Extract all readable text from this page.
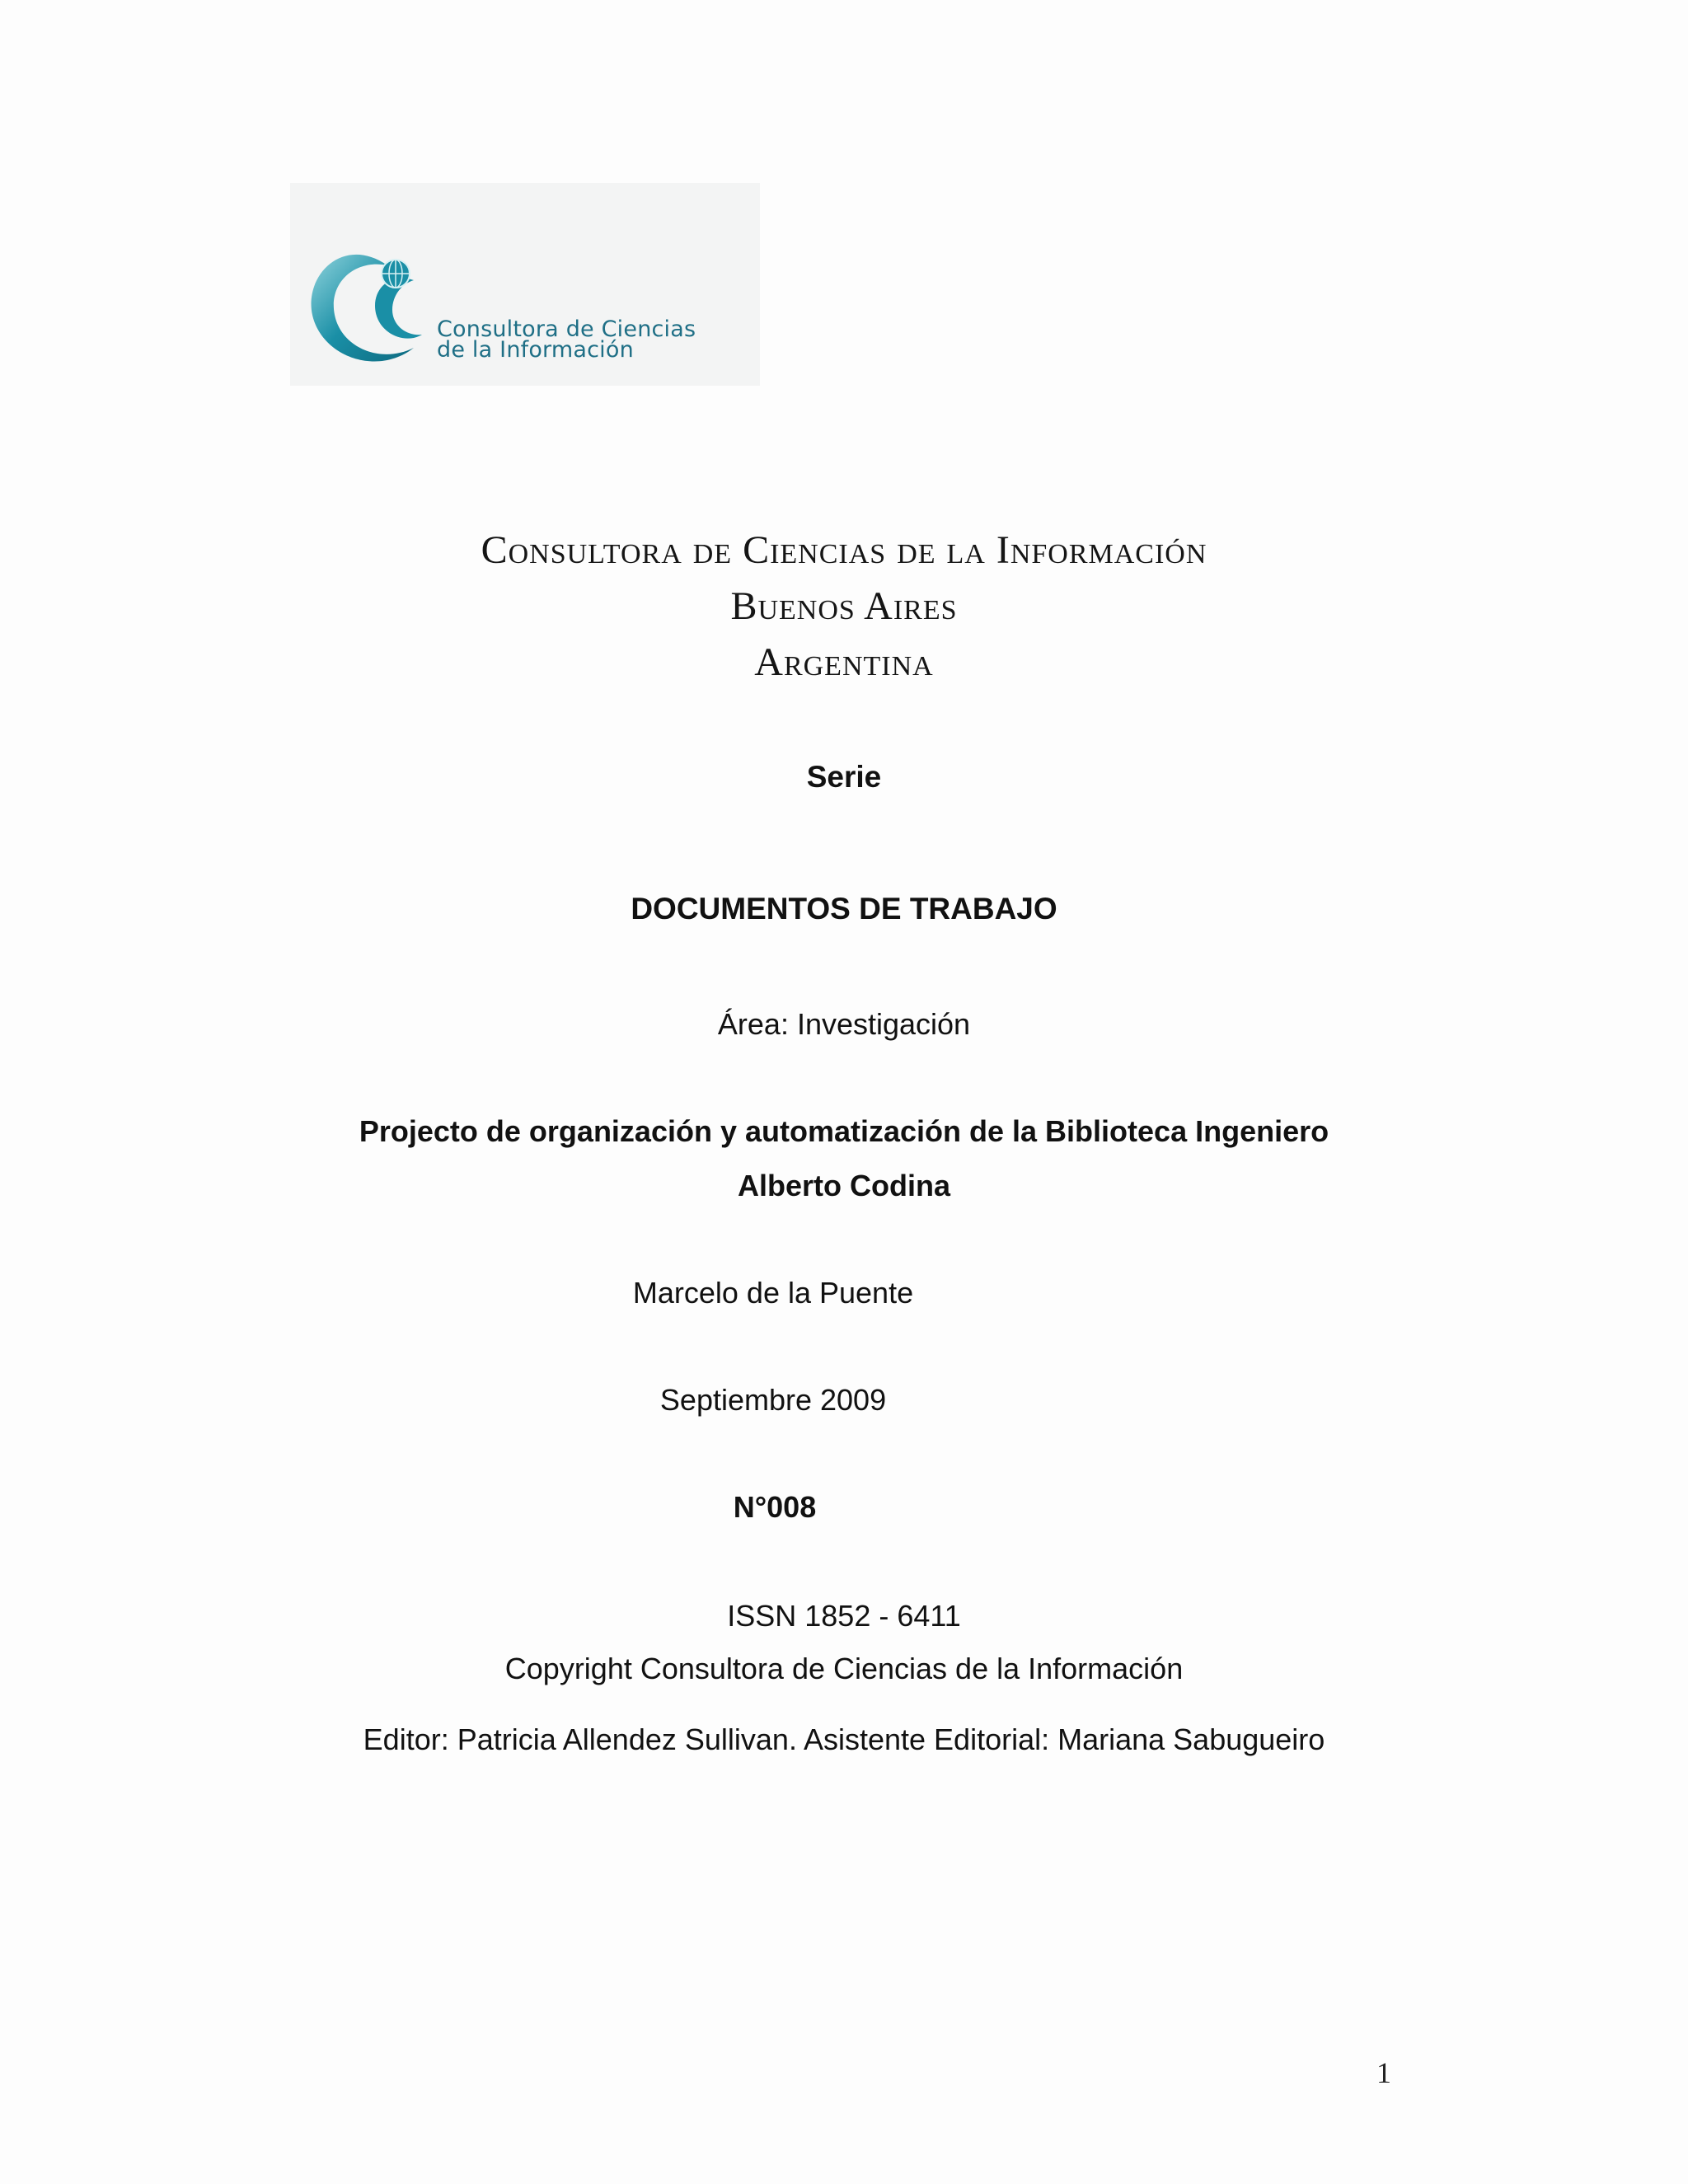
Consultora de Ciencias
de la Información
Consultora de Ciencias de la Información
Buenos Aires
Argentina
Serie
DOCUMENTOS DE TRABAJO
Área: Investigación
Projecto de organización y automatización de la Biblioteca Ingeniero
Alberto Codina
Marcelo de la Puente
Septiembre 2009
N°008
ISSN 1852 - 6411
Copyright Consultora de Ciencias de la Información
Editor: Patricia Allendez Sullivan. Asistente Editorial: Mariana Sabugueiro
1
